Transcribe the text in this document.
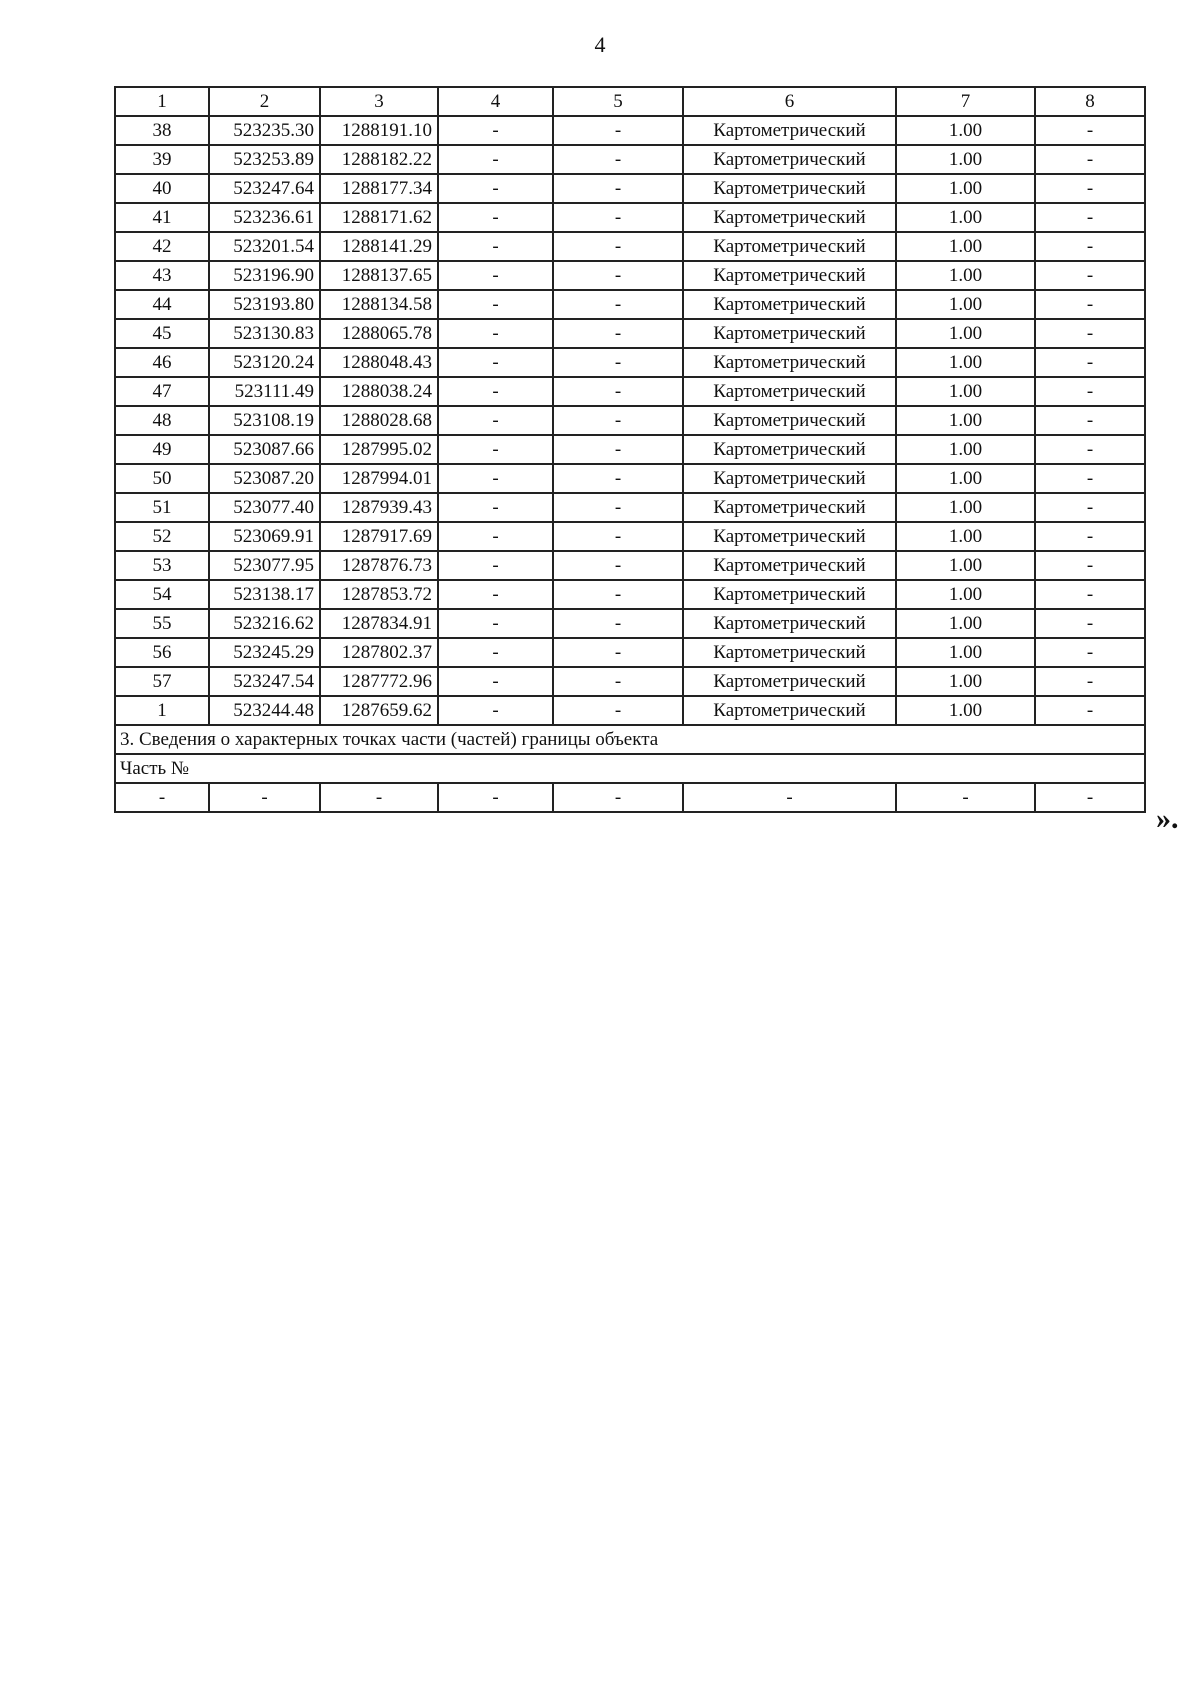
4
1	2	3	4	5	6	7	8
38	523235.30	1288191.10	-	-	Картометрический	1.00	-
39	523253.89	1288182.22	-	-	Картометрический	1.00	-
40	523247.64	1288177.34	-	-	Картометрический	1.00	-
41	523236.61	1288171.62	-	-	Картометрический	1.00	-
42	523201.54	1288141.29	-	-	Картометрический	1.00	-
43	523196.90	1288137.65	-	-	Картометрический	1.00	-
44	523193.80	1288134.58	-	-	Картометрический	1.00	-
45	523130.83	1288065.78	-	-	Картометрический	1.00	-
46	523120.24	1288048.43	-	-	Картометрический	1.00	-
47	523111.49	1288038.24	-	-	Картометрический	1.00	-
48	523108.19	1288028.68	-	-	Картометрический	1.00	-
49	523087.66	1287995.02	-	-	Картометрический	1.00	-
50	523087.20	1287994.01	-	-	Картометрический	1.00	-
51	523077.40	1287939.43	-	-	Картометрический	1.00	-
52	523069.91	1287917.69	-	-	Картометрический	1.00	-
53	523077.95	1287876.73	-	-	Картометрический	1.00	-
54	523138.17	1287853.72	-	-	Картометрический	1.00	-
55	523216.62	1287834.91	-	-	Картометрический	1.00	-
56	523245.29	1287802.37	-	-	Картометрический	1.00	-
57	523247.54	1287772.96	-	-	Картометрический	1.00	-
1	523244.48	1287659.62	-	-	Картометрический	1.00	-
3. Сведения о характерных точках части (частей) границы объекта							
Часть №							
-	-	-	-	-	-	-	-
».
